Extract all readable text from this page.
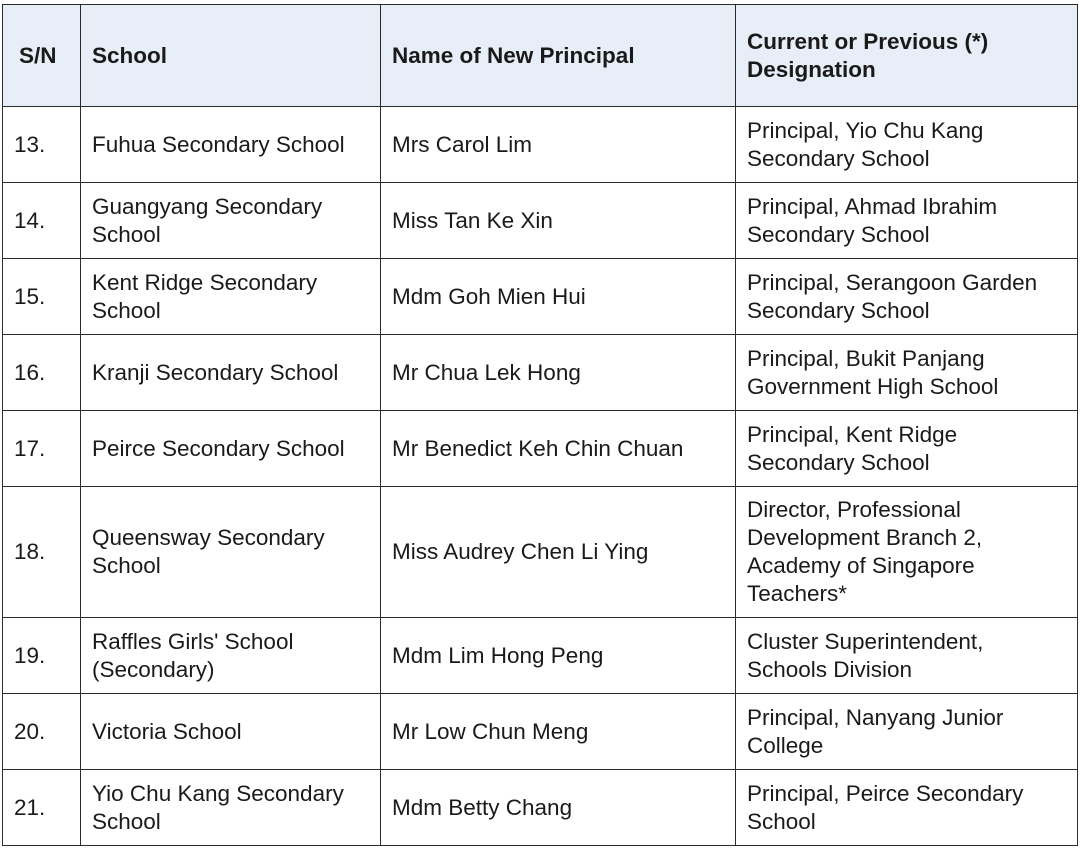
S/N	School	Name of New Principal	Current or Previous (*) Designation
13.	Fuhua Secondary School	Mrs Carol Lim	Principal, Yio Chu Kang Secondary School
14.	Guangyang Secondary School	Miss Tan Ke Xin	Principal, Ahmad Ibrahim Secondary School
15.	Kent Ridge Secondary School	Mdm Goh Mien Hui	Principal, Serangoon Garden Secondary School
16.	Kranji Secondary School	Mr Chua Lek Hong	Principal, Bukit Panjang Government High School
17.	Peirce Secondary School	Mr Benedict Keh Chin Chuan	Principal, Kent Ridge Secondary School
18.	Queensway Secondary School	Miss Audrey Chen Li Ying	Director, Professional Development Branch 2, Academy of Singapore Teachers*
19.	Raffles Girls' School (Secondary)	Mdm Lim Hong Peng	Cluster Superintendent, Schools Division
20.	Victoria School	Mr Low Chun Meng	Principal, Nanyang Junior College
21.	Yio Chu Kang Secondary School	Mdm Betty Chang	Principal, Peirce Secondary School
